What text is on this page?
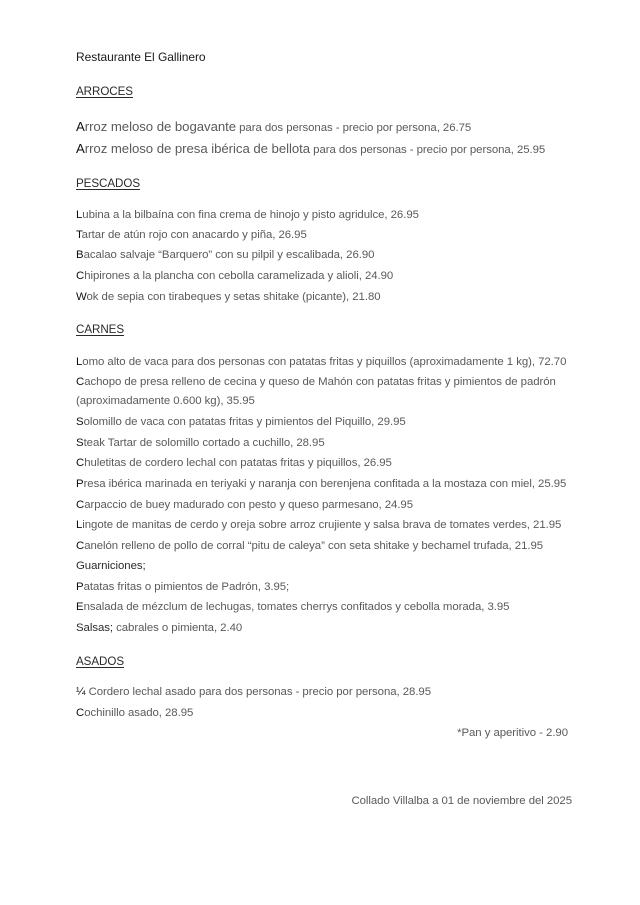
Restaurante El Gallinero
ARROCES
Arroz meloso de bogavante para dos personas - precio por persona, 26.75
Arroz meloso de presa ibérica de bellota para dos personas - precio por persona, 25.95
PESCADOS
Lubina a la bilbaína con fina crema de hinojo y pisto agridulce, 26.95
Tartar de atún rojo con anacardo y piña, 26.95
Bacalao salvaje “Barquero” con su pilpil y escalibada, 26.90
Chipirones a la plancha con cebolla caramelizada y alioli, 24.90
Wok de sepia con tirabeques y setas shitake (picante), 21.80
CARNES
Lomo alto de vaca para dos personas con patatas fritas y piquillos (aproximadamente 1 kg), 72.70
Cachopo de presa relleno de cecina y queso de Mahón con patatas fritas y pimientos de padrón
(aproximadamente 0.600 kg), 35.95
Solomillo de vaca con patatas fritas y pimientos del Piquillo, 29.95
Steak Tartar de solomillo cortado a cuchillo, 28.95
Chuletitas de cordero lechal con patatas fritas y piquillos, 26.95
Presa ibérica marinada en teriyaki y naranja con berenjena confitada a la mostaza con miel, 25.95
Carpaccio de buey madurado con pesto y queso parmesano, 24.95
Lingote de manitas de cerdo y oreja sobre arroz crujiente y salsa brava de tomates verdes, 21.95
Canelón relleno de pollo de corral “pitu de caleya” con seta shitake y bechamel trufada, 21.95
Guarniciones;
Patatas fritas o pimientos de Padrón, 3.95;
Ensalada de mézclum de lechugas, tomates cherrys confitados y cebolla morada, 3.95
Salsas; cabrales o pimienta, 2.40
ASADOS
¼ Cordero lechal asado para dos personas - precio por persona, 28.95
Cochinillo asado, 28.95
*Pan y aperitivo - 2.90
Collado Villalba a 01 de noviembre del 2025
